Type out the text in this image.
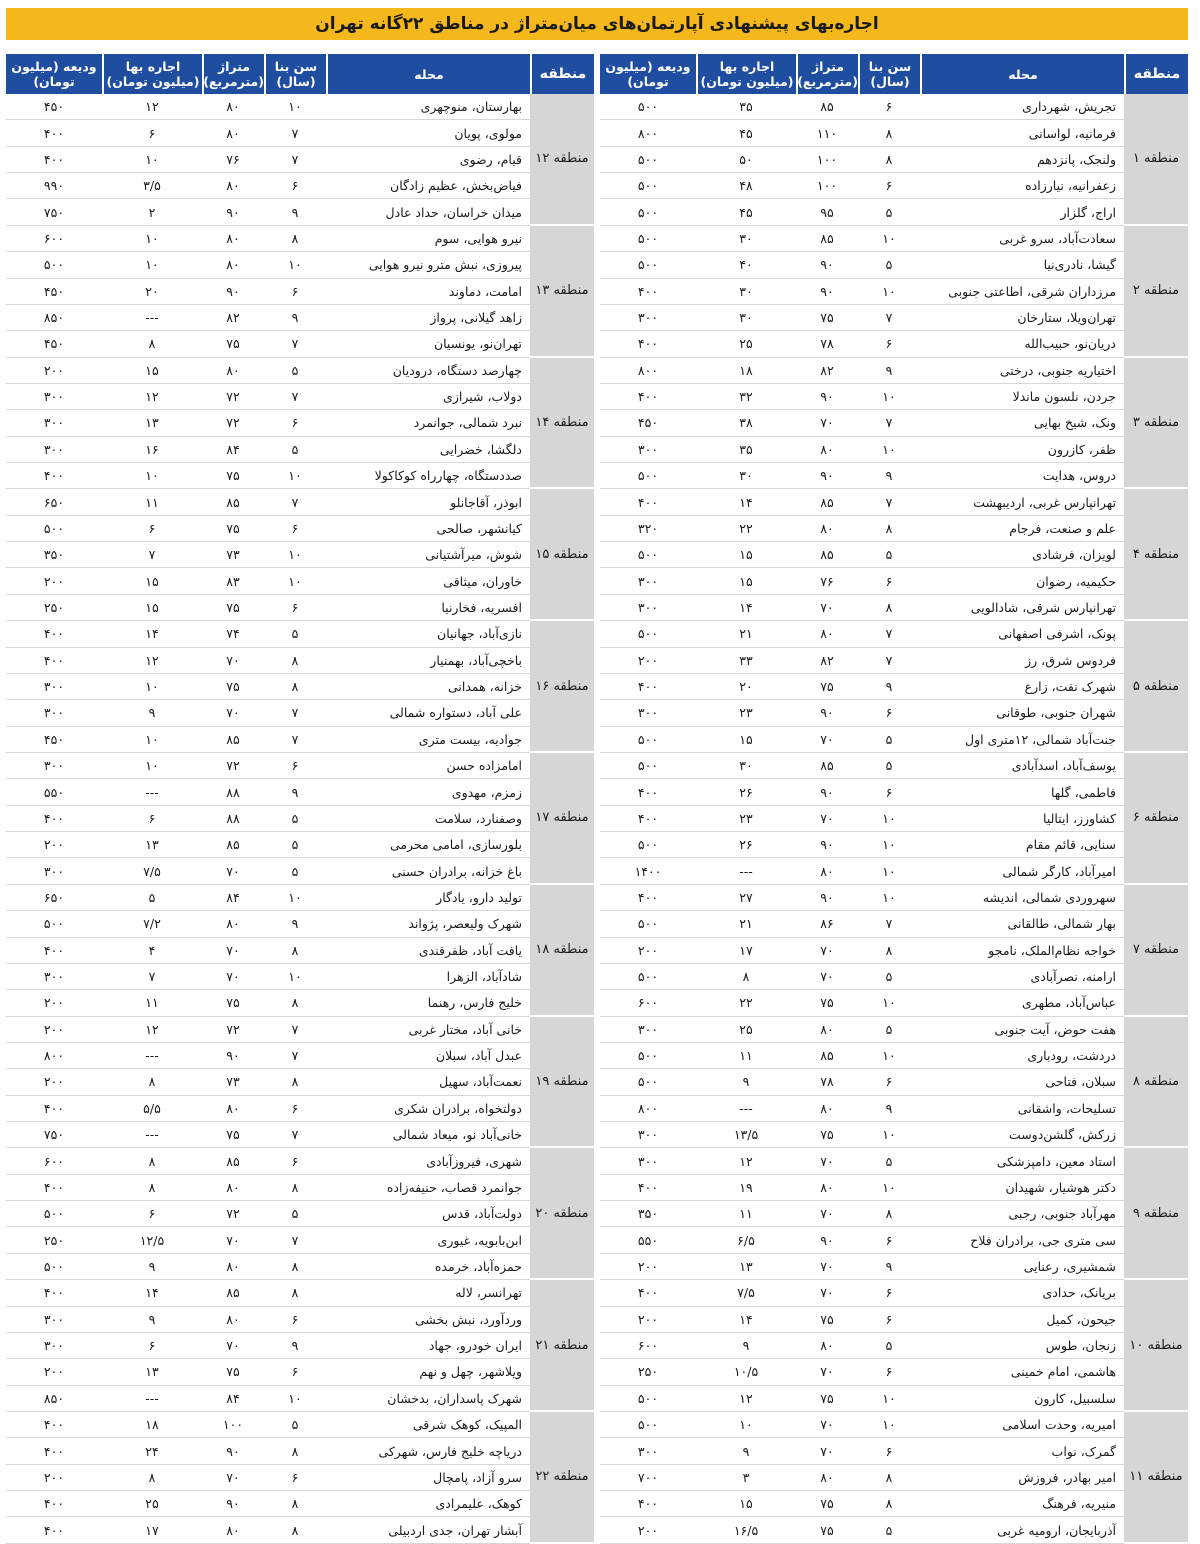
اجاره‌بهای پیشنهادی آپارتمان‌های میان‌متراژ در مناطق ۲۲گانه تهران
منطقه	محله	سن بنا (سال)	متراژ (مترمربع)	اجاره بها (میلیون تومان)	ودیعه (میلیون تومان)
منطقه ۱	تجریش، شهرداری	۶	۸۵	۳۵	۵۰۰
	فرمانیه، لواسانی	۸	۱۱۰	۴۵	۸۰۰
	ولنجک، پانزدهم	۸	۱۰۰	۵۰	۵۰۰
	زعفرانیه، نیارزاده	۶	۱۰۰	۴۸	۵۰۰
	اراج، گلزار	۵	۹۵	۴۵	۵۰۰
منطقه ۲	سعادت‌آباد، سرو غربی	۱۰	۸۵	۳۰	۵۰۰
	گیشا، نادری‌نیا	۵	۹۰	۴۰	۵۰۰
	مرزداران شرقی، اطاعتی جنوبی	۱۰	۹۰	۳۰	۴۰۰
	تهران‌ویلا، ستارخان	۷	۷۵	۳۰	۳۰۰
	دریان‌نو، حبیب‌الله	۶	۷۸	۲۵	۴۰۰
منطقه ۳	اختیاریه جنوبی، درختی	۹	۸۲	۱۸	۸۰۰
	جردن، نلسون ماندلا	۱۰	۹۰	۳۲	۴۰۰
	ونک، شیخ بهایی	۷	۷۰	۳۸	۴۵۰
	ظفر، کازرون	۱۰	۸۰	۳۵	۳۰۰
	دروس، هدایت	۹	۹۰	۳۰	۵۰۰
منطقه ۴	تهرانپارس غربی، اردیبهشت	۷	۸۵	۱۴	۴۰۰
	علم و صنعت، فرجام	۸	۸۰	۲۲	۳۲۰
	لویزان، فرشادی	۵	۸۵	۱۵	۵۰۰
	حکیمیه، رضوان	۶	۷۶	۱۵	۳۰۰
	تهرانپارس شرقی، شادالویی	۸	۷۰	۱۴	۳۰۰
منطقه ۵	پونک، اشرفی اصفهانی	۷	۸۰	۲۱	۵۰۰
	فردوس شرق، رز	۷	۸۲	۳۳	۲۰۰
	شهرک نفت، زارع	۹	۷۵	۲۰	۴۰۰
	شهران جنوبی، طوقانی	۶	۹۰	۲۳	۳۰۰
	جنت‌آباد شمالی، ۱۲متری اول	۵	۷۰	۱۵	۵۰۰
منطقه ۶	یوسف‌آباد، اسدآبادی	۵	۸۵	۳۰	۵۰۰
	فاطمی، گلها	۶	۹۰	۲۶	۴۰۰
	کشاورز، ایتالیا	۱۰	۷۰	۲۳	۴۰۰
	سنایی، قائم مقام	۱۰	۹۰	۲۶	۵۰۰
	امیرآباد، کارگر شمالی	۱۰	۸۰	---	۱۴۰۰
منطقه ۷	سهروردی شمالی، اندیشه	۱۰	۹۰	۲۷	۴۰۰
	بهار شمالی، طالقانی	۷	۸۶	۲۱	۵۰۰
	خواجه نظام‌الملک، نامجو	۸	۷۰	۱۷	۲۰۰
	ارامنه، نصرآبادی	۵	۷۰	۸	۵۰۰
	عباس‌آباد، مطهری	۱۰	۷۵	۲۲	۶۰۰
منطقه ۸	هفت حوض، آیت جنوبی	۵	۸۰	۲۵	۳۰۰
	دردشت، رودباری	۱۰	۸۵	۱۱	۵۰۰
	سبلان، فتاحی	۶	۷۸	۹	۵۰۰
	تسلیحات، واشقانی	۹	۸۰	---	۸۰۰
	زرکش، گلشن‌دوست	۱۰	۷۵	۱۳/۵	۳۰۰
منطقه ۹	استاد معین، دامپزشکی	۵	۷۰	۱۲	۳۰۰
	دکتر هوشیار، شهیدان	۱۰	۸۰	۱۹	۴۰۰
	مهرآباد جنوبی، رجبی	۸	۷۰	۱۱	۳۵۰
	سی متری جی، برادران فلاح	۶	۹۰	۶/۵	۵۵۰
	شمشیری، رعنایی	۹	۷۰	۱۳	۲۰۰
منطقه ۱۰	بریانک، حدادی	۶	۷۰	۷/۵	۴۰۰
	جیحون، کمیل	۶	۷۵	۱۴	۲۰۰
	زنجان، طوس	۵	۸۰	۹	۶۰۰
	هاشمی، امام خمینی	۶	۷۰	۱۰/۵	۲۵۰
	سلسبیل، کارون	۱۰	۷۵	۱۲	۵۰۰
منطقه ۱۱	امیریه، وحدت اسلامی	۱۰	۷۰	۱۰	۵۰۰
	گمرک، نواب	۶	۷۰	۹	۳۰۰
	امیر بهادر، فروزش	۸	۸۰	۳	۷۰۰
	منیریه، فرهنگ	۸	۷۵	۱۵	۴۰۰
	آذربایجان، ارومیه غربی	۵	۷۵	۱۶/۵	۲۰۰
منطقه	محله	سن بنا (سال)	متراژ (مترمربع)	اجاره بها (میلیون تومان)	ودیعه (میلیون تومان)
منطقه ۱۲	بهارستان، منوچهری	۱۰	۸۰	۱۲	۴۵۰
	مولوی، پویان	۷	۸۰	۶	۴۰۰
	قیام، رضوی	۷	۷۶	۱۰	۴۰۰
	فیاض‌بخش، عظیم زادگان	۶	۸۰	۳/۵	۹۹۰
	میدان خراسان، حداد عادل	۹	۹۰	۲	۷۵۰
منطقه ۱۳	نیرو هوایی، سوم	۸	۸۰	۱۰	۶۰۰
	پیروزی، نبش مترو نیرو هوایی	۱۰	۸۰	۱۰	۵۰۰
	امامت، دماوند	۶	۹۰	۲۰	۴۵۰
	زاهد گیلانی، پرواز	۹	۸۲	---	۸۵۰
	تهران‌نو، یونسیان	۷	۷۵	۸	۴۵۰
منطقه ۱۴	چهارصد دستگاه، درودیان	۵	۸۰	۱۵	۲۰۰
	دولاب، شیرازی	۷	۷۲	۱۲	۳۰۰
	نبرد شمالی، جوانمرد	۶	۷۲	۱۳	۳۰۰
	دلگشا، خضرایی	۵	۸۴	۱۶	۳۰۰
	صددستگاه، چهارراه کوکاکولا	۱۰	۷۵	۱۰	۴۰۰
منطقه ۱۵	ابوذر، آقاجانلو	۷	۸۵	۱۱	۶۵۰
	کیانشهر، صالحی	۶	۷۵	۶	۵۰۰
	شوش، میرآشتیانی	۱۰	۷۳	۷	۳۵۰
	خاوران، میثاقی	۱۰	۸۳	۱۵	۲۰۰
	افسریه، فخارنیا	۶	۷۵	۱۵	۲۵۰
منطقه ۱۶	نازی‌آباد، جهانیان	۵	۷۴	۱۴	۴۰۰
	باخچی‌آباد، بهمنیار	۸	۷۰	۱۲	۴۰۰
	خزانه، همدانی	۸	۷۵	۱۰	۳۰۰
	علی آباد، دستواره شمالی	۷	۷۰	۹	۳۰۰
	جوادیه، بیست متری	۷	۸۵	۱۰	۴۵۰
منطقه ۱۷	امامزاده حسن	۶	۷۲	۱۰	۳۰۰
	زمزم، مهدوی	۹	۸۸	---	۵۵۰
	وصفنارد، سلامت	۵	۸۸	۶	۴۰۰
	بلورسازی، امامی محرمی	۵	۸۵	۱۳	۲۰۰
	باغ خزانه، برادران حسنی	۵	۷۰	۷/۵	۳۰۰
منطقه ۱۸	تولید دارو، یادگار	۱۰	۸۴	۵	۶۵۰
	شهرک ولیعصر، پژواند	۹	۸۰	۷/۲	۵۰۰
	یافت آباد، ظفرقندی	۸	۷۰	۴	۴۰۰
	شادآباد، الزهرا	۱۰	۷۰	۷	۳۰۰
	خلیج فارس، رهنما	۸	۷۵	۱۱	۲۰۰
منطقه ۱۹	خانی آباد، مختار غربی	۷	۷۲	۱۲	۲۰۰
	عبدل آباد، سبلان	۷	۹۰	---	۸۰۰
	نعمت‌آباد، سهیل	۸	۷۳	۸	۲۰۰
	دولتخواه، برادران شکری	۶	۸۰	۵/۵	۴۰۰
	خانی‌آباد نو، میعاد شمالی	۷	۷۵	---	۷۵۰
منطقه ۲۰	شهری، فیروزآبادی	۶	۸۵	۸	۶۰۰
	جوانمرد قصاب، حنیفه‌زاده	۸	۸۰	۸	۴۰۰
	دولت‌آباد، قدس	۵	۷۲	۶	۵۰۰
	ابن‌بابویه، غیوری	۷	۷۰	۱۲/۵	۲۵۰
	حمزه‌آباد، خرمده	۸	۸۰	۹	۵۰۰
منطقه ۲۱	تهرانسر، لاله	۸	۸۵	۱۴	۴۰۰
	وردآورد، نبش بخشی	۶	۸۰	۹	۳۰۰
	ایران خودرو، جهاد	۹	۷۰	۶	۳۰۰
	ویلاشهر، چهل و نهم	۶	۷۵	۱۳	۲۰۰
	شهرک پاسداران، بدخشان	۱۰	۸۴	---	۸۵۰
منطقه ۲۲	المپیک، کوهک شرقی	۵	۱۰۰	۱۸	۴۰۰
	دریاچه خلیج فارس، شهرکی	۸	۹۰	۲۴	۴۰۰
	سرو آزاد، پامچال	۶	۷۰	۸	۲۰۰
	کوهک، علیمرادی	۸	۹۰	۲۵	۴۰۰
	آبشار تهران، جدی اردبیلی	۸	۸۰	۱۷	۴۰۰
